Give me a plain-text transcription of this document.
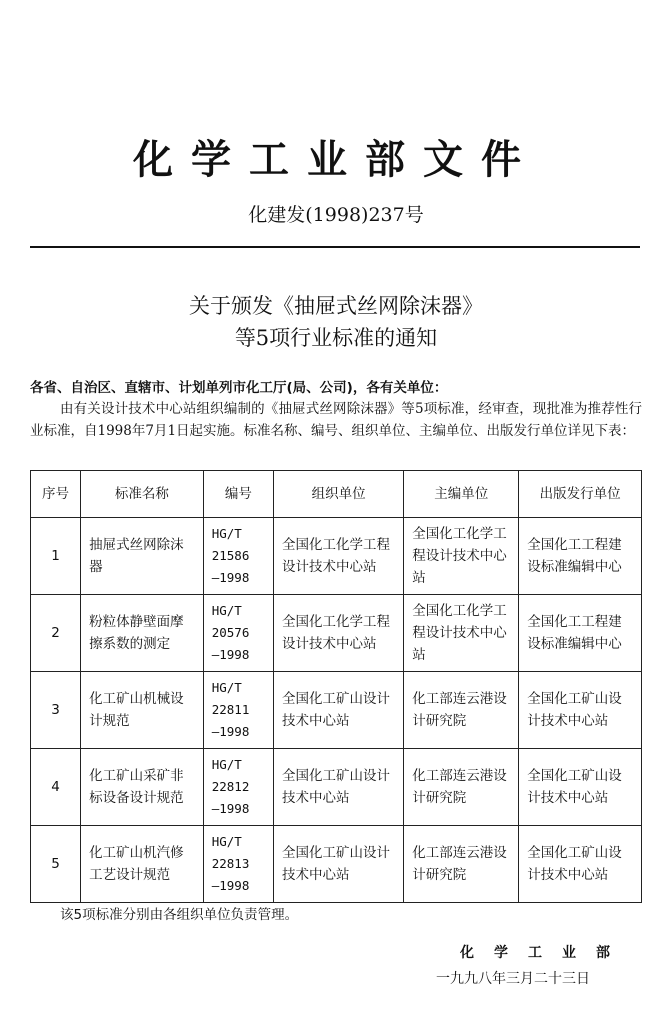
化学工业部文件
化建发(1998)237号
关于颁发《抽屉式丝网除沫器》
等5项行业标准的通知
各省、自治区、直辖市、计划单列市化工厅(局、公司)，各有关单位：
由有关设计技术中心站组织编制的《抽屉式丝网除沫器》等5项标准，经审查，现批准为推荐性行业标准，自1998年7月1日起实施。标准名称、编号、组织单位、主编单位、出版发行单位详见下表：
序号	标准名称	编号	组织单位	主编单位	出版发行单位
1	抽屉式丝网除沫器	HG/T
21586
—1998	全国化工化学工程设计技术中心站	全国化工化学工程设计技术中心站	全国化工工程建设标准编辑中心
2	粉粒体静壁面摩擦系数的测定	HG/T
20576
—1998	全国化工化学工程设计技术中心站	全国化工化学工程设计技术中心站	全国化工工程建设标准编辑中心
3	化工矿山机械设计规范	HG/T
22811
—1998	全国化工矿山设计技术中心站	化工部连云港设计研究院	全国化工矿山设计技术中心站
4	化工矿山采矿非标设备设计规范	HG/T
22812
—1998	全国化工矿山设计技术中心站	化工部连云港设计研究院	全国化工矿山设计技术中心站
5	化工矿山机汽修工艺设计规范	HG/T
22813
—1998	全国化工矿山设计技术中心站	化工部连云港设计研究院	全国化工矿山设计技术中心站
该5项标准分别由各组织单位负责管理。
化学工业部
一九九八年三月二十三日
